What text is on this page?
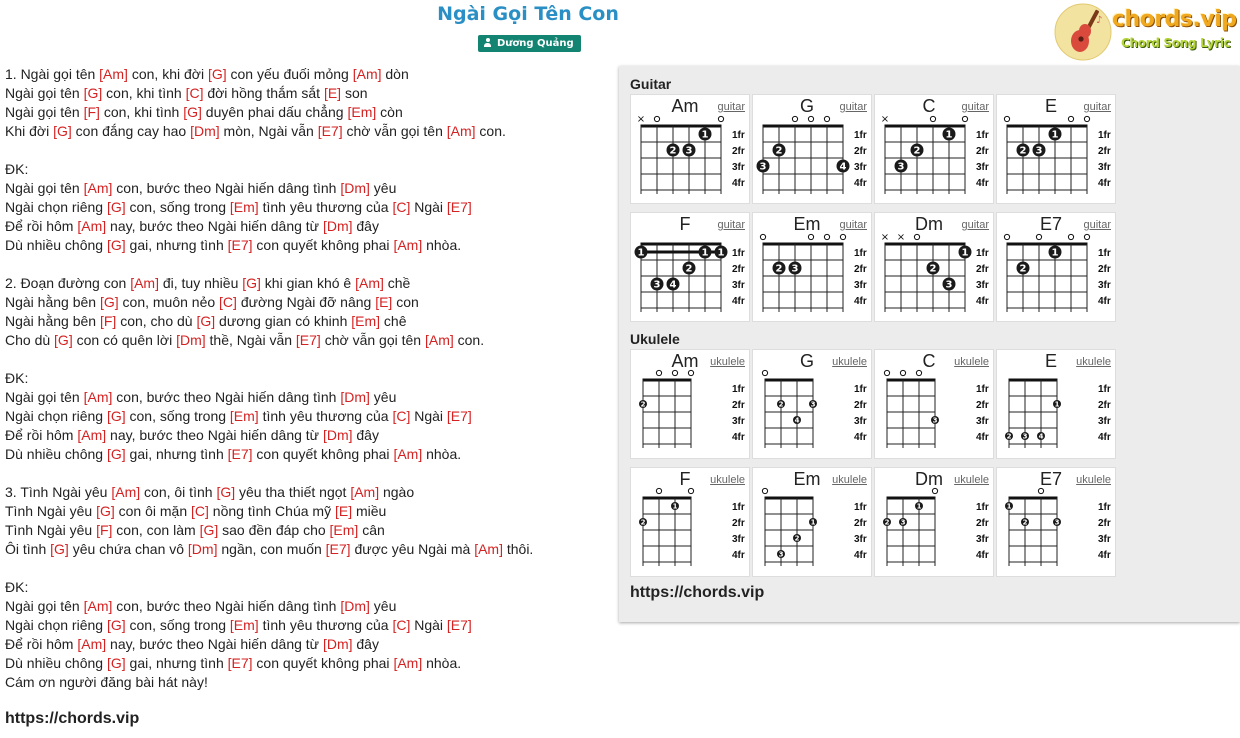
Ngài Gọi Tên Con
Dương Quảng
♪ chords.vip
Chord Song Lyric
1. Ngài gọi tên [Am] con, khi đời [G] con yếu đuối mỏng [Am] dòn
Ngài gọi tên [G] con, khi tình [C] đời hồng thắm sắt [E] son
Ngài gọi tên [F] con, khi tình [G] duyên phai dấu chẳng [Em] còn
Khi đời [G] con đắng cay hao [Dm] mòn, Ngài vẫn [E7] chờ vẫn gọi tên [Am] con.
ĐK:
Ngài gọi tên [Am] con, bước theo Ngài hiến dâng tình [Dm] yêu
Ngài chọn riêng [G] con, sống trong [Em] tình yêu thương của [C] Ngài [E7]
Để rồi hôm [Am] nay, bước theo Ngài hiến dâng từ [Dm] đây
Dù nhiều chông [G] gai, nhưng tình [E7] con quyết không phai [Am] nhòa.
2. Đoạn đường con [Am] đi, tuy nhiều [G] khi gian khó ê [Am] chề
Ngài hằng bên [G] con, muôn nẻo [C] đường Ngài đỡ nâng [E] con
Ngài hằng bên [F] con, cho dù [G] dương gian có khinh [Em] chê
Cho dù [G] con có quên lời [Dm] thề, Ngài vẫn [E7] chờ vẫn gọi tên [Am] con.
ĐK:
Ngài gọi tên [Am] con, bước theo Ngài hiến dâng tình [Dm] yêu
Ngài chọn riêng [G] con, sống trong [Em] tình yêu thương của [C] Ngài [E7]
Để rồi hôm [Am] nay, bước theo Ngài hiến dâng từ [Dm] đây
Dù nhiều chông [G] gai, nhưng tình [E7] con quyết không phai [Am] nhòa.
3. Tình Ngài yêu [Am] con, ôi tình [G] yêu tha thiết ngọt [Am] ngào
Tình Ngài yêu [G] con ôi mặn [C] nồng tình Chúa mỹ [E] miều
Tình Ngài yêu [F] con, con làm [G] sao đền đáp cho [Em] cân
Ôi tình [G] yêu chứa chan vô [Dm] ngần, con muốn [E7] được yêu Ngài mà [Am] thôi.
ĐK:
Ngài gọi tên [Am] con, bước theo Ngài hiến dâng tình [Dm] yêu
Ngài chọn riêng [G] con, sống trong [Em] tình yêu thương của [C] Ngài [E7]
Để rồi hôm [Am] nay, bước theo Ngài hiến dâng từ [Dm] đây
Dù nhiều chông [G] gai, nhưng tình [E7] con quyết không phai [Am] nhòa.
Cám ơn người đăng bài hát này!
https://chords.vip
Guitar
Ukulele
1fr
2fr
3fr
4fr
×
2 3
1
Am	guitar
1fr
2fr
3fr
4fr
3
2
4
G	guitar
1fr
2fr
3fr
4fr
×
3
2
1
C	guitar
1fr
2fr
3fr
4fr
2 3
1
E	guitar
1fr
2fr
3fr
4fr
1
3 4
2
1 1
F	guitar
1fr
2fr
3fr
4fr
2 3
Em	guitar
1fr
2fr
3fr
4fr
× ×
2
3
1
Dm	guitar
1fr
2fr
3fr
4fr
2
1
E7	guitar
1fr
2fr
3fr
4fr
2
Am	ukulele
1fr
2fr
3fr
4fr
2
4
3
G	ukulele
1fr
2fr
3fr
4fr
3
C	ukulele
1fr
2fr
3fr
4fr
2 3 4
1
E	ukulele
1fr
2fr
3fr
4fr
2
1
F	ukulele
1fr
2fr
3fr
4fr
3
2
1
Em	ukulele
1fr
2fr
3fr
4fr
2 3
1
Dm	ukulele
1fr
2fr
3fr
4fr
1
2	3
E7	ukulele
https://chords.vip
